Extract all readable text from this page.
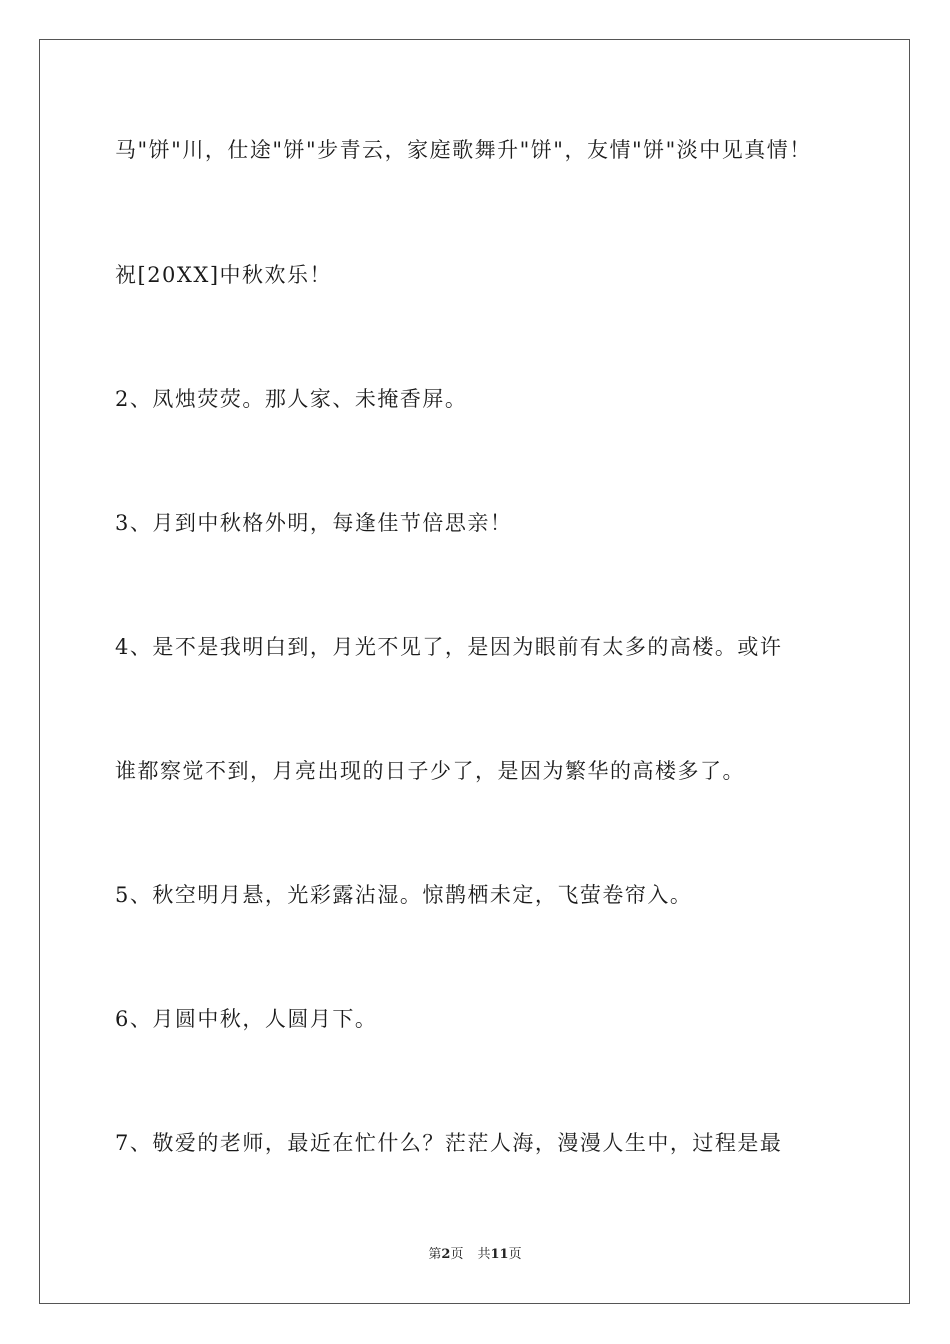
马"饼"川，仕途"饼"步青云，家庭歌舞升"饼"，友情"饼"淡中见真情！
祝[20XX]中秋欢乐！
2、凤烛荧荧。那人家、未掩香屏。
3、月到中秋格外明，每逢佳节倍思亲！
4、是不是我明白到，月光不见了，是因为眼前有太多的高楼。或许
谁都察觉不到，月亮出现的日子少了，是因为繁华的高楼多了。
5、秋空明月悬，光彩露沾湿。惊鹊栖未定，飞萤卷帘入。
6、月圆中秋，人圆月下。
7、敬爱的老师，最近在忙什么？茫茫人海，漫漫人生中，过程是最
第2页 共11页
